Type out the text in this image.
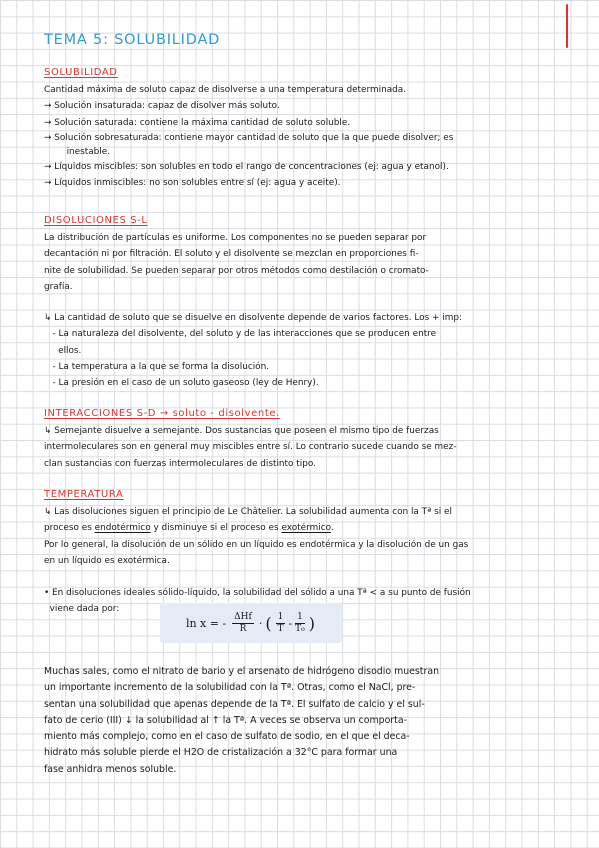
TEMA 5: SOLUBILIDAD
SOLUBILIDAD

Cantidad máxima de soluto capaz de disolverse a una temperatura determinada.

→ Solución insaturada: capaz de disolver más soluto.

→ Solución saturada: contiene la máxima cantidad de soluto soluble.

→ Solución sobresaturada: contiene mayor cantidad de soluto que la que puede disolver; es

inestable.

→ Líquidos miscibles: son solubles en todo el rango de concentraciones (ej: agua y etanol).

→ Líquidos inmiscibles: no son solubles entre sí (ej: agua y aceite).

DISOLUCIONES S-L

La distribución de partículas es uniforme. Los componentes no se pueden separar por

decantación ni por filtración. El soluto y el disolvente se mezclan en proporciones fi-

nite de solubilidad. Se pueden separar por otros métodos como destilación o cromato-

grafía.

↳ La cantidad de soluto que se disuelve en disolvente depende de varios factores. Los + imp:

- La naturaleza del disolvente, del soluto y de las interacciones que se producen entre

ellos.

- La temperatura a la que se forma la disolución.

- La presión en el caso de un soluto gaseoso (ley de Henry).

INTERACCIONES S-D → soluto - disolvente.

↳ Semejante disuelve a semejante. Dos sustancias que poseen el mismo tipo de fuerzas

intermoleculares son en general muy miscibles entre sí. Lo contrario sucede cuando se mez-

clan sustancias con fuerzas intermoleculares de distinto tipo.

TEMPERATURA

↳ Las disoluciones siguen el principio de Le Châtelier. La solubilidad aumenta con la Tª si el

proceso es endotérmico y disminuye si el proceso es exotérmico.

Por lo general, la disolución de un sólido en un líquido es endotérmica y la disolución de un gas

en un líquido es exotérmica.

• En disoluciones ideales sólido-líquido, la solubilidad del sólido a una Tª < a su punto de fusión

viene dada por:

ln x = - $\frac{\text{ΔHf}}{R}$ · ( $\frac{1}{T} - \frac{1}{\text{T₀}}$ )

Muchas sales, como el nitrato de bario y el arsenato de hidrógeno disodio muestran

un importante incremento de la solubilidad con la Tª. Otras, como el NaCl, pre-

sentan una solubilidad que apenas depende de la Tª. El sulfato de calcio y el sul-

fato de cerio (III) ↓ la solubilidad al ↑ la Tª. A veces se observa un comporta-

miento más complejo, como en el caso de sulfato de sodio, en el que el deca-

hidrato más soluble pierde el H2O de cristalización a 32°C para formar una

fase anhidra menos soluble.
